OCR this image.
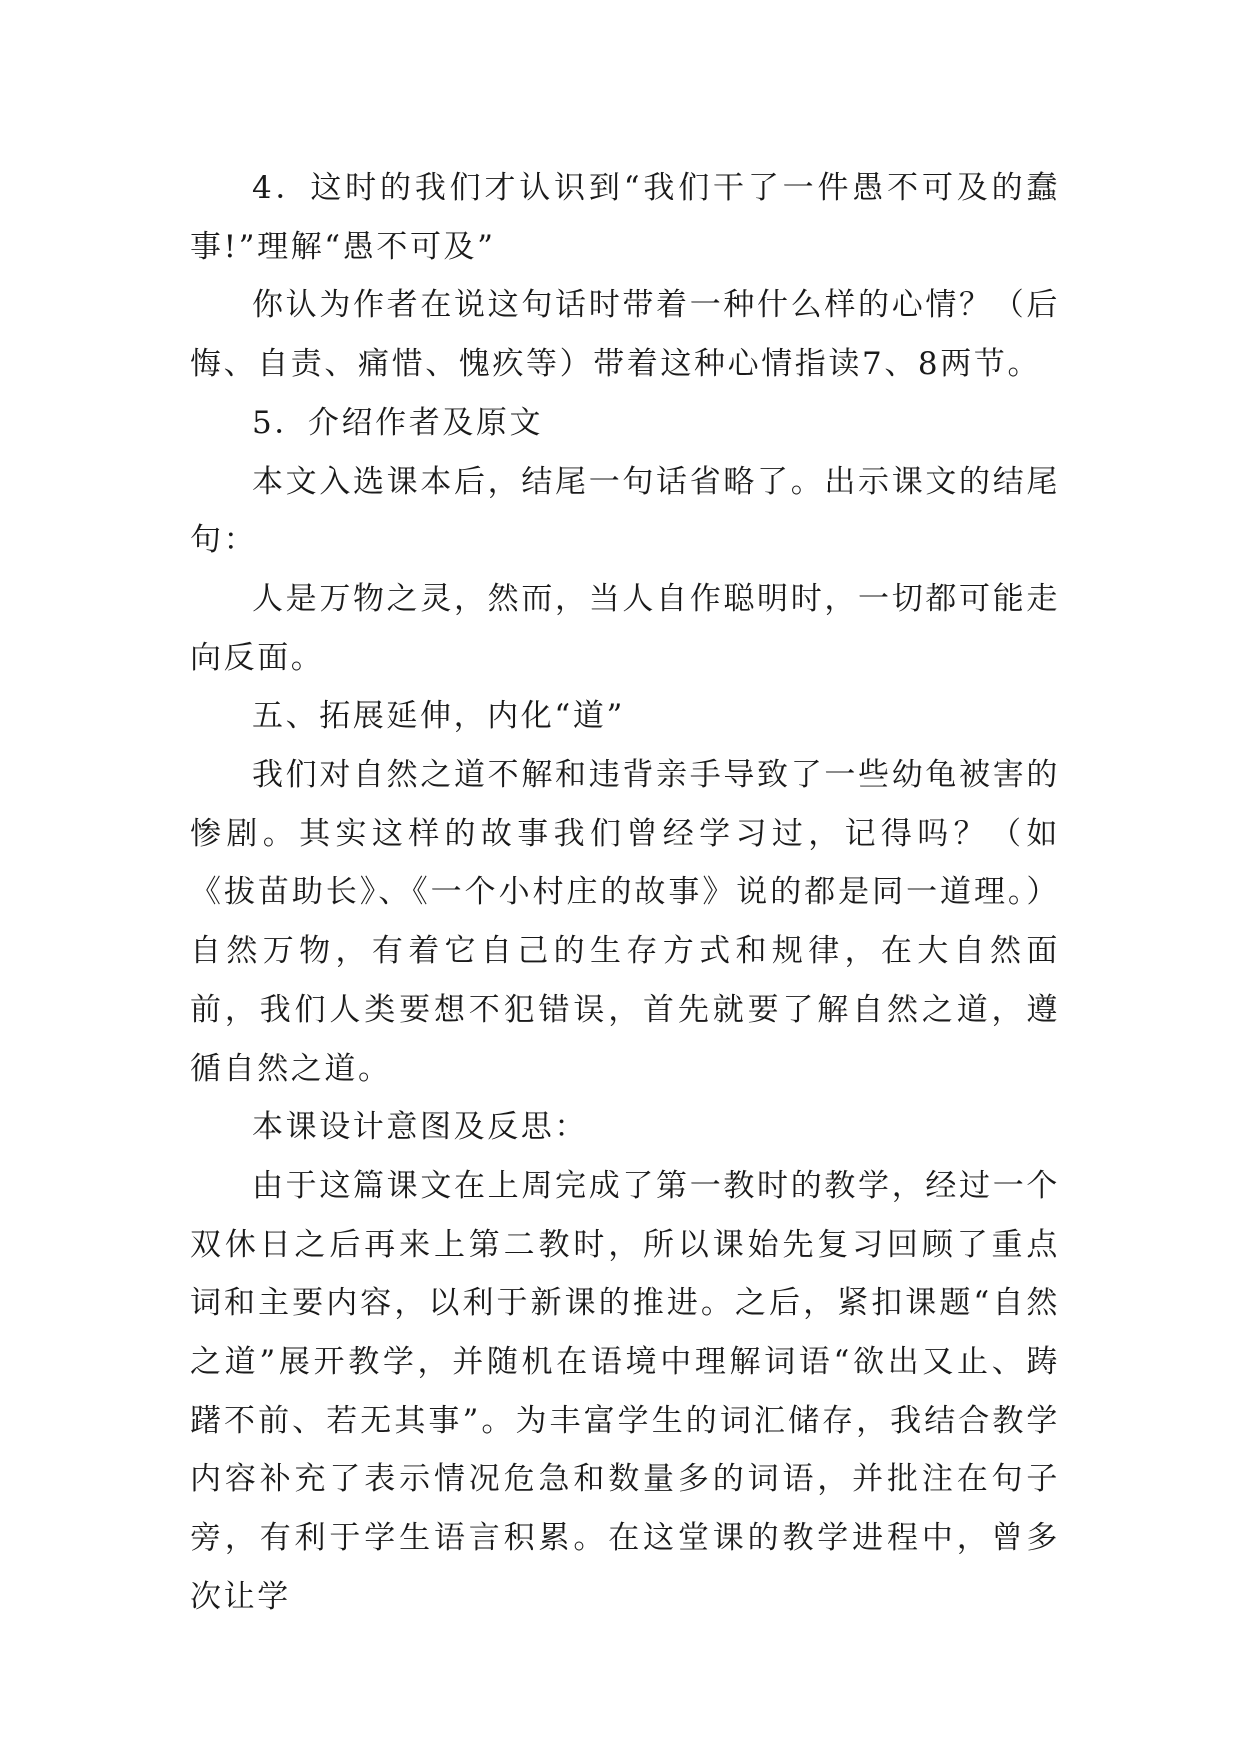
4．这时的我们才认识到“我们干了一件愚不可及的蠢事!”理解“愚不可及”

你认为作者在说这句话时带着一种什么样的心情？（后悔、自责、痛惜、愧疚等）带着这种心情指读7、8两节。

5．介绍作者及原文

本文入选课本后，结尾一句话省略了。出示课文的结尾句：

人是万物之灵，然而，当人自作聪明时，一切都可能走向反面。

五、拓展延伸，内化“道”

我们对自然之道不解和违背亲手导致了一些幼龟被害的惨剧。其实这样的故事我们曾经学习过，记得吗？（如《拔苗助长》、《一个小村庄的故事》说的都是同一道理。）自然万物，有着它自己的生存方式和规律，在大自然面前，我们人类要想不犯错误，首先就要了解自然之道，遵循自然之道。

本课设计意图及反思：

由于这篇课文在上周完成了第一教时的教学，经过一个双休日之后再来上第二教时，所以课始先复习回顾了重点词和主要内容，以利于新课的推进。之后，紧扣课题“自然之道”展开教学，并随机在语境中理解词语“欲出又止、踌躇不前、若无其事”。为丰富学生的词汇储存，我结合教学内容补充了表示情况危急和数量多的词语，并批注在句子旁，有利于学生语言积累。在这堂课的教学进程中，曾多次让学
